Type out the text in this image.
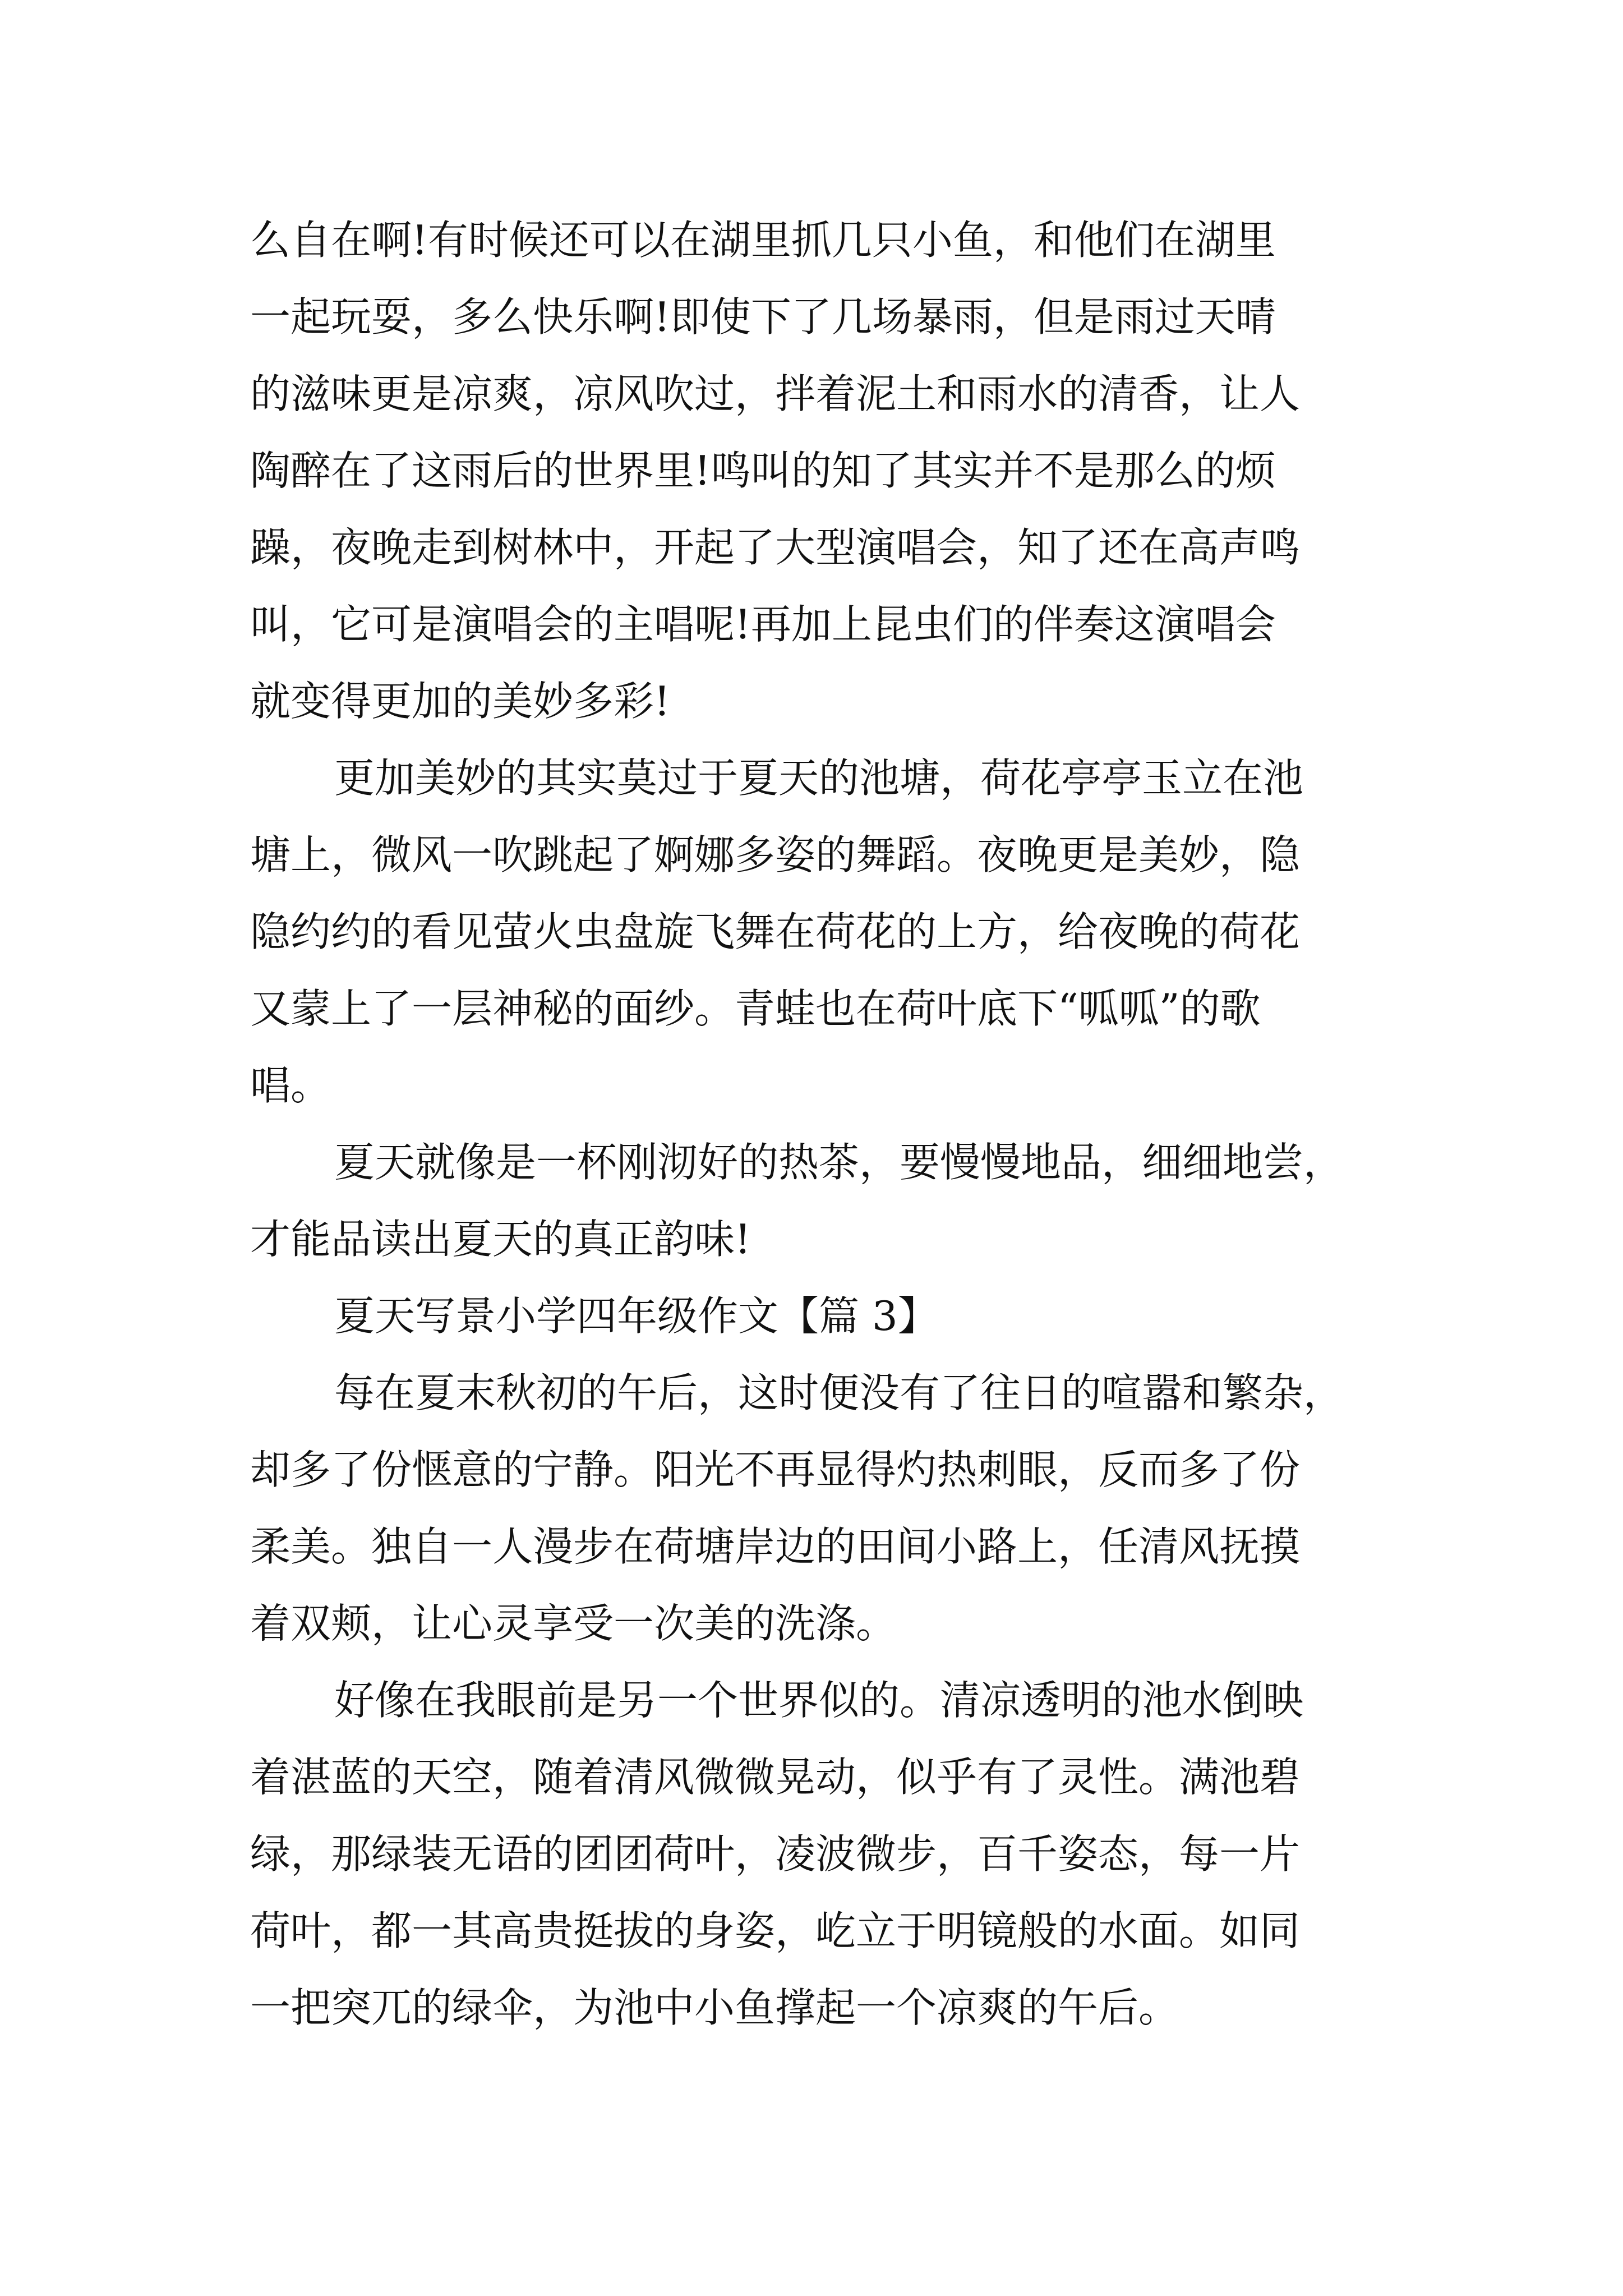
么自在啊!有时候还可以在湖里抓几只小鱼，和他们在湖里
一起玩耍，多么快乐啊!即使下了几场暴雨，但是雨过天晴
的滋味更是凉爽，凉风吹过，拌着泥土和雨水的清香，让人
陶醉在了这雨后的世界里!鸣叫的知了其实并不是那么的烦
躁，夜晚走到树林中，开起了大型演唱会，知了还在高声鸣
叫，它可是演唱会的主唱呢!再加上昆虫们的伴奏这演唱会
就变得更加的美妙多彩!
更加美妙的其实莫过于夏天的池塘，荷花亭亭玉立在池
塘上，微风一吹跳起了婀娜多姿的舞蹈。夜晚更是美妙，隐
隐约约的看见萤火虫盘旋飞舞在荷花的上方，给夜晚的荷花
又蒙上了一层神秘的面纱。青蛙也在荷叶底下“呱呱”的歌
唱。
夏天就像是一杯刚沏好的热茶，要慢慢地品，细细地尝，
才能品读出夏天的真正韵味!
夏天写景小学四年级作文【篇 3】
每在夏末秋初的午后，这时便没有了往日的喧嚣和繁杂，
却多了份惬意的宁静。阳光不再显得灼热刺眼，反而多了份
柔美。独自一人漫步在荷塘岸边的田间小路上，任清风抚摸
着双颊，让心灵享受一次美的洗涤。
好像在我眼前是另一个世界似的。清凉透明的池水倒映
着湛蓝的天空，随着清风微微晃动，似乎有了灵性。满池碧
绿，那绿装无语的团团荷叶，凌波微步，百千姿态，每一片
荷叶，都一其高贵挺拔的身姿，屹立于明镜般的水面。如同
一把突兀的绿伞，为池中小鱼撑起一个凉爽的午后。
